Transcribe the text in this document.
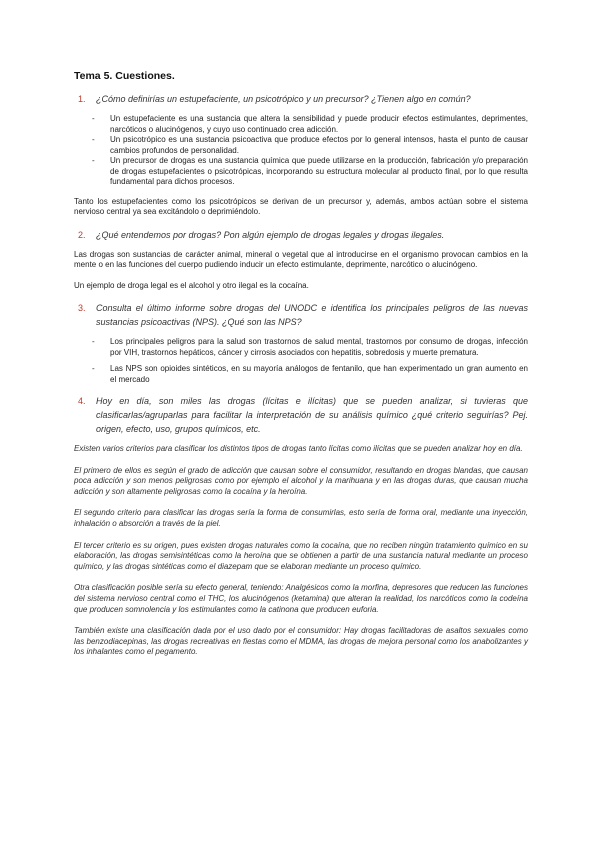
Tema 5. Cuestiones.
1.	¿Cómo definirías un estupefaciente, un psicotrópico y un precursor? ¿Tienen algo en común?
-	Un estupefaciente es una sustancia que altera la sensibilidad y puede producir efectos estimulantes, deprimentes, narcóticos o alucinógenos, y cuyo uso continuado crea adicción.
-	Un psicotrópico es una sustancia psicoactiva que produce efectos por lo general intensos, hasta el punto de causar cambios profundos de personalidad.
-	Un precursor de drogas es una sustancia química que puede utilizarse en la producción, fabricación y/o preparación de drogas estupefacientes o psicotrópicas, incorporando su estructura molecular al producto final, por lo que resulta fundamental para dichos procesos.

Tanto los estupefacientes como los psicotrópicos se derivan de un precursor y, además, ambos actúan sobre el sistema nervioso central ya sea excitándolo o deprimiéndolo.

2.	¿Qué entendemos por drogas? Pon algún ejemplo de drogas legales y drogas ilegales.

Las drogas son sustancias de carácter animal, mineral o vegetal que al introducirse en el organismo provocan cambios en la mente o en las funciones del cuerpo pudiendo inducir un efecto estimulante, deprimente, narcótico o alucinógeno.

Un ejemplo de droga legal es el alcohol y otro ilegal es la cocaína.

3.	Consulta el último informe sobre drogas del UNODC e identifica los principales peligros de las nuevas sustancias psicoactivas (NPS). ¿Qué son las NPS?
-	Los principales peligros para la salud son trastornos de salud mental, trastornos por consumo de drogas, infección por VIH, trastornos hepáticos, cáncer y cirrosis asociados con hepatitis, sobredosis y muerte prematura.
-	Las NPS son opioides sintéticos, en su mayoría análogos de fentanilo, que han experimentado un gran aumento en el mercado
4.	Hoy en día, son miles las drogas (lícitas e ilícitas) que se pueden analizar, si tuvieras que clasificarlas/agruparlas para facilitar la interpretación de su análisis químico ¿qué criterio seguirías? Pej. origen, efecto, uso, grupos químicos, etc.

Existen varios criterios para clasificar los distintos tipos de drogas tanto lícitas como ilícitas que se pueden analizar hoy en día.

El primero de ellos es según el grado de adicción que causan sobre el consumidor, resultando en drogas blandas, que causan poca adicción y son menos peligrosas como por ejemplo el alcohol y la marihuana y en las drogas duras, que causan mucha adicción y son altamente peligrosas como la cocaína y la heroína.

El segundo criterio para clasificar las drogas sería la forma de consumirlas, esto sería de forma oral, mediante una inyección, inhalación o absorción a través de la piel.

El tercer criterio es su origen, pues existen drogas naturales como la cocaína, que no reciben ningún tratamiento químico en su elaboración, las drogas semisintéticas como la heroína que se obtienen a partir de una sustancia natural mediante un proceso químico, y las drogas sintéticas como el diazepam que se elaboran mediante un proceso químico.

Otra clasificación posible sería su efecto general, teniendo: Analgésicos como la morfina, depresores que reducen las funciones del sistema nervioso central como el THC, los alucinógenos (ketamina) que alteran la realidad, los narcóticos como la codeína que producen somnolencia y los estimulantes como la catinona que producen euforia.

También existe una clasificación dada por el uso dado por el consumidor: Hay drogas facilitadoras de asaltos sexuales como las benzodiacepinas, las drogas recreativas en fiestas como el MDMA, las drogas de mejora personal como los anabolizantes y los inhalantes como el pegamento.
